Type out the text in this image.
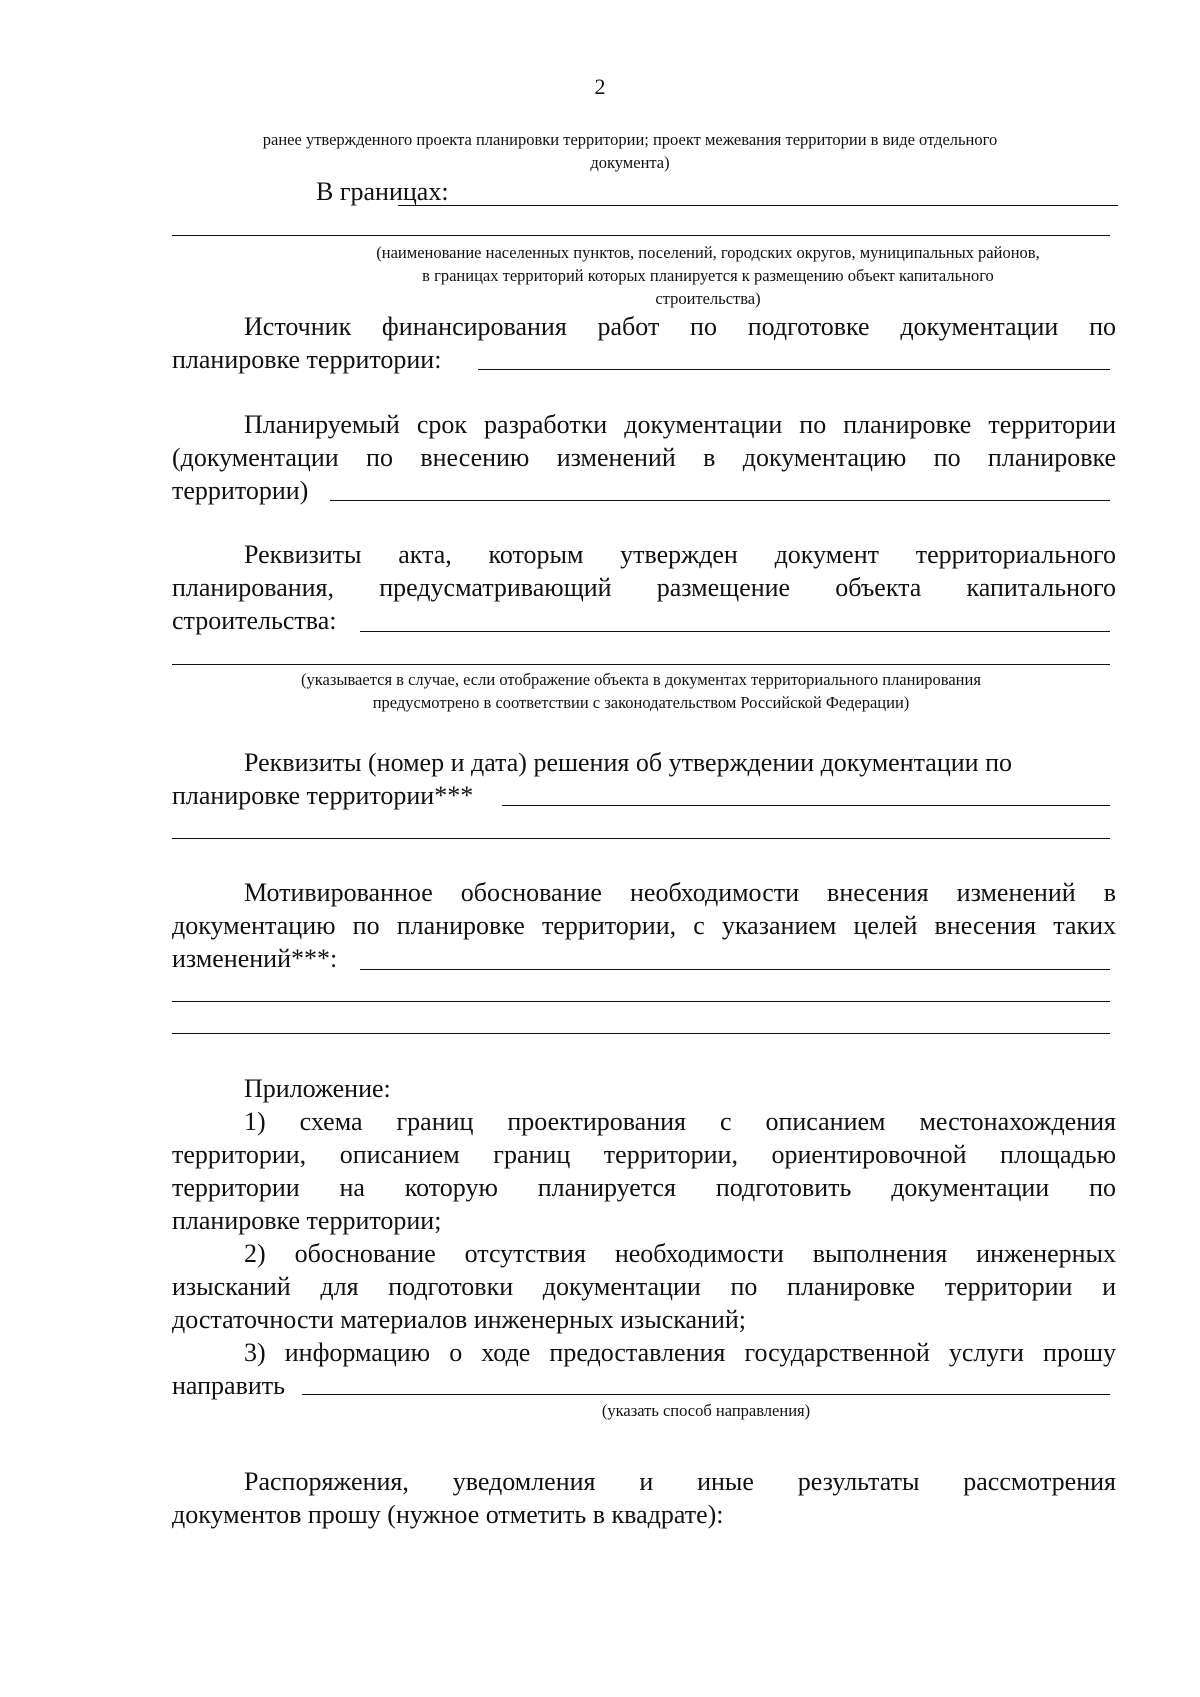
2
ранее утвержденного проекта планировки территории; проект межевания территории в виде отдельного
документа)
В границах:
(наименование населенных пунктов, поселений, городских округов, муниципальных районов,
в границах территорий которых планируется к размещению объект капитального
строительства)
Источник финансирования работ по подготовке документации по
планировке территории:
Планируемый срок разработки документации по планировке территории
(документации по внесению изменений в документацию по планировке
территории)
Реквизиты акта, которым утвержден документ территориального
планирования, предусматривающий размещение объекта капитального
строительства:
(указывается в случае, если отображение объекта в документах территориального планирования
предусмотрено в соответствии с законодательством Российской Федерации)
Реквизиты (номер и дата) решения об утверждении документации по
планировке территории***
Мотивированное обоснование необходимости внесения изменений в
документацию по планировке территории, с указанием целей внесения таких
изменений***:
Приложение:
1) схема границ проектирования с описанием местонахождения
территории, описанием границ территории, ориентировочной площадью
территории на которую планируется подготовить документации по
планировке территории;
2) обоснование отсутствия необходимости выполнения инженерных
изысканий для подготовки документации по планировке территории и
достаточности материалов инженерных изысканий;
3) информацию о ходе предоставления государственной услуги прошу
направить
(указать способ направления)
Распоряжения, уведомления и иные результаты рассмотрения
документов прошу (нужное отметить в квадрате):
